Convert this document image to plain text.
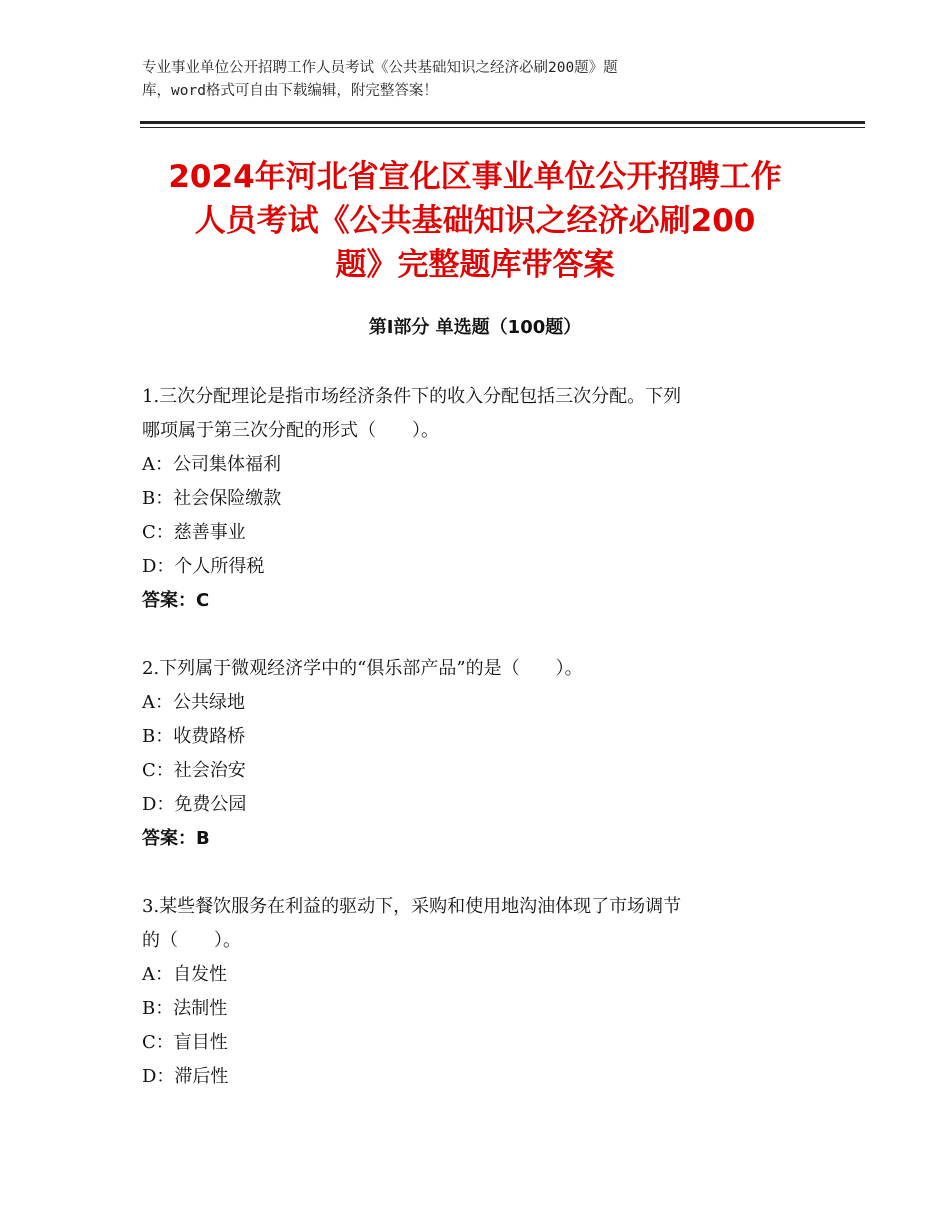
专业事业单位公开招聘工作人员考试《公共基础知识之经济必刷200题》题
库，word格式可自由下载编辑，附完整答案！
2024年河北省宣化区事业单位公开招聘工作
人员考试《公共基础知识之经济必刷200
题》完整题库带答案
第Ⅰ部分 单选题（100题）
1.三次分配理论是指市场经济条件下的收入分配包括三次分配。下列
哪项属于第三次分配的形式（　　）。
A：公司集体福利
B：社会保险缴款
C：慈善事业
D：个人所得税
答案：C
2.下列属于微观经济学中的“俱乐部产品”的是（　　）。
A：公共绿地
B：收费路桥
C：社会治安
D：免费公园
答案：B
3.某些餐饮服务在利益的驱动下，采购和使用地沟油体现了市场调节
的（　　）。
A：自发性
B：法制性
C：盲目性
D：滞后性
